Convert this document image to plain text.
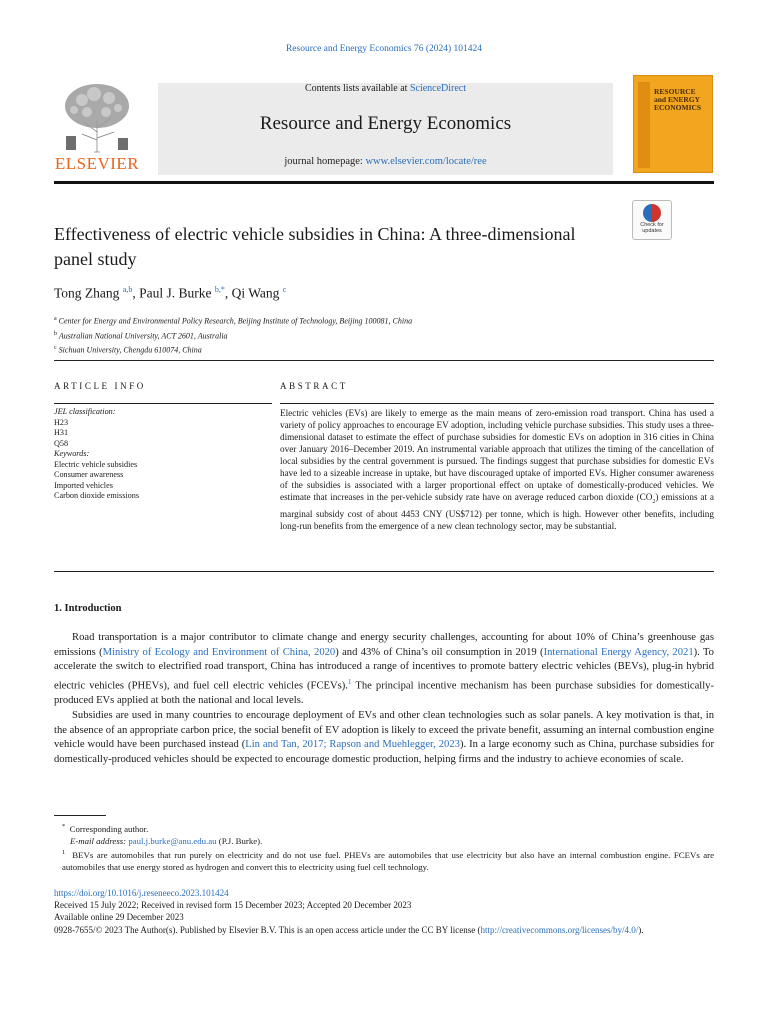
Resource and Energy Economics 76 (2024) 101424
ELSEVIER
Contents lists available at ScienceDirect
Resource and Energy Economics
journal homepage: www.elsevier.com/locate/ree
RESOURCE
and ENERGY
ECONOMICS
Effectiveness of electric vehicle subsidies in China: A three-dimensional panel study
Check for
updates
Tong Zhang $^{a,b}$, Paul J. Burke $^{b,*}$, Qi Wang $^c$
$^a$ Center for Energy and Environmental Policy Research, Beijing Institute of Technology, Beijing 100081, China
$^b$ Australian National University, ACT 2601, Australia
$^c$ Sichuan University, Chengdu 610074, China
ARTICLE INFO	ABSTRACT
JEL classification:
H23
H31
Q58
Keywords:
Electric vehicle subsidies
Consumer awareness
Imported vehicles
Carbon dioxide emissions
Electric vehicles (EVs) are likely to emerge as the main means of zero-emission road transport. China has used a variety of policy approaches to encourage EV adoption, including vehicle purchase subsidies. This study uses a three-dimensional dataset to estimate the effect of purchase subsidies for domestic EVs on adoption in 316 cities in China over January 2016–December 2019. An instrumental variable approach that utilizes the timing of the cancellation of local subsidies by the central government is pursued. The findings suggest that purchase subsidies for domestic EVs have led to a sizeable increase in uptake, but have discouraged uptake of imported EVs. Higher consumer awareness of the subsidies is associated with a larger proportional effect on uptake of domestically-produced vehicles. We estimate that increases in the per-vehicle subsidy rate have on average reduced carbon dioxide $(CO_2)$ emissions at a marginal subsidy cost of about 4453 CNY (US$712) per tonne, which is high. However other benefits, including long-run benefits from the emergence of a new clean technology sector, may be substantial.
1. Introduction

Road transportation is a major contributor to climate change and energy security challenges, accounting for about 10% of China’s greenhouse gas emissions (Ministry of Ecology and Environment of China, 2020) and 43% of China’s oil consumption in 2019 (International Energy Agency, 2021). To accelerate the switch to electrified road transport, China has introduced a range of incentives to promote battery electric vehicles (BEVs), plug-in hybrid electric vehicles (PHEVs), and fuel cell electric vehicles (FCEVs).$^1$ The principal incentive mechanism has been purchase subsidies for domestically-produced EVs applied at both the national and local levels.

Subsidies are used in many countries to encourage deployment of EVs and other clean technologies such as solar panels. A key motivation is that, in the absence of an appropriate carbon price, the social benefit of EV adoption is likely to exceed the private benefit, assuming an internal combustion engine vehicle would have been purchased instead (Lin and Tan, 2017; Rapson and Muehlegger, 2023). In a large economy such as China, purchase subsidies for domestically-produced vehicles should be expected to encourage domestic production, helping firms and the industry to achieve economies of scale.

* Corresponding author.
E-mail address: paul.j.burke@anu.edu.au (P.J. Burke).
$^1$ BEVs are automobiles that run purely on electricity and do not use fuel. PHEVs are automobiles that use electricity but also have an internal combustion engine. FCEVs are automobiles that use energy stored as hydrogen and convert this to electricity using fuel cell technology.
https://doi.org/10.1016/j.reseneeco.2023.101424
Received 15 July 2022; Received in revised form 15 December 2023; Accepted 20 December 2023
Available online 29 December 2023
0928-7655/© 2023 The Author(s). Published by Elsevier B.V. This is an open access article under the CC BY license (http://creativecommons.org/licenses/by/4.0/).
